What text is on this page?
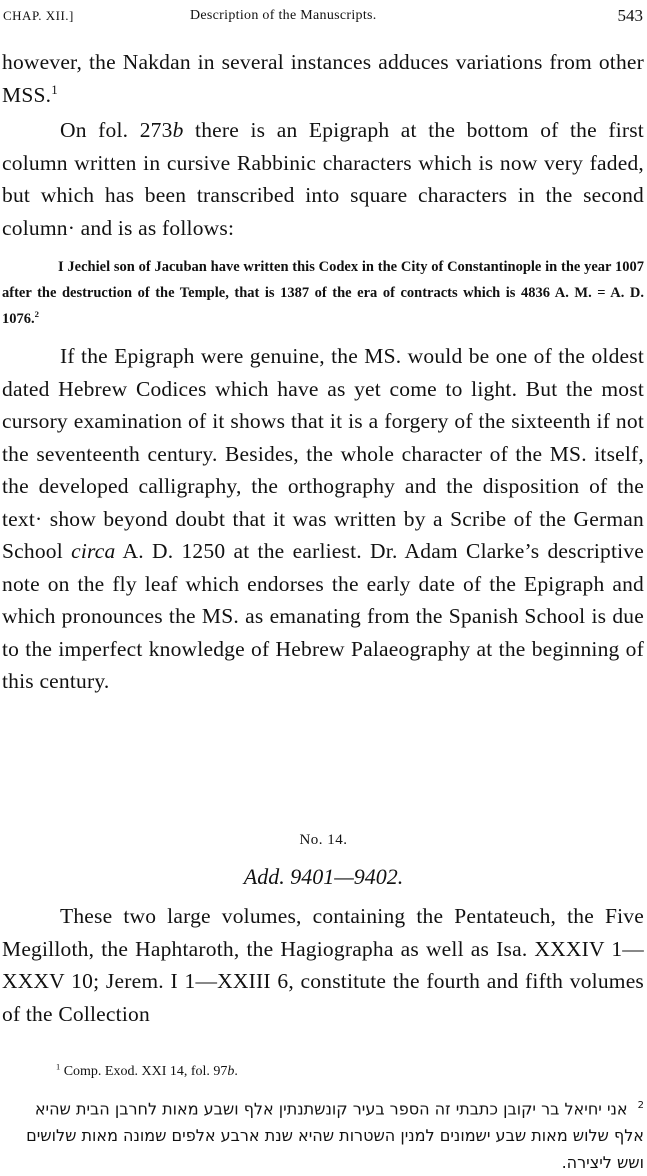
CHAP. XII.]	Description of the Manuscripts.	543

however, the Nakdan in several instances adduces variations from other MSS.$^1$

On fol. 273b there is an Epigraph at the bottom of the first column written in cursive Rabbinic characters which is now very faded, but which has been transcribed into square characters in the second column· and is as follows:

I Jechiel son of Jacuban have written this Codex in the City of Constantinople in the year 1007 after the destruction of the Temple, that is 1387 of the era of contracts which is 4836 A. M. = A. D. 1076.$^2$

If the Epigraph were genuine, the MS. would be one of the oldest dated Hebrew Codices which have as yet come to light. But the most cursory examination of it shows that it is a forgery of the sixteenth if not the seventeenth century. Besides, the whole character of the MS. itself, the developed calligraphy, the orthography and the disposition of the text· show beyond doubt that it was written by a Scribe of the German School circa A. D. 1250 at the earliest. Dr. Adam Clarke’s descriptive note on the fly leaf which endorses the early date of the Epigraph and which pronounces the MS. as emanating from the Spanish School is due to the imperfect knowledge of Hebrew Palaeography at the beginning of this century.

No. 14.
Add. 9401—9402.

These two large volumes, containing the Pentateuch, the Five Megilloth, the Haphtaroth, the Hagiographa as well as Isa. XXXIV 1—XXXV 10; Jerem. I 1—XXIII 6, constitute the fourth and fifth volumes of the Collection

$^1$ Comp. Exod. XXI 14, fol. 97b.

$^2$אני יחיאל בר יקובן כתבתי זה הספר בעיר קונשתנתין אלף ושבע מאות לחרבן הבית שהיא אלף שלוש מאות שבע ישמונים למנין השטרות שהיא שנת ארבע אלפים שמונה מאות שלושים ושש ליצירה.
